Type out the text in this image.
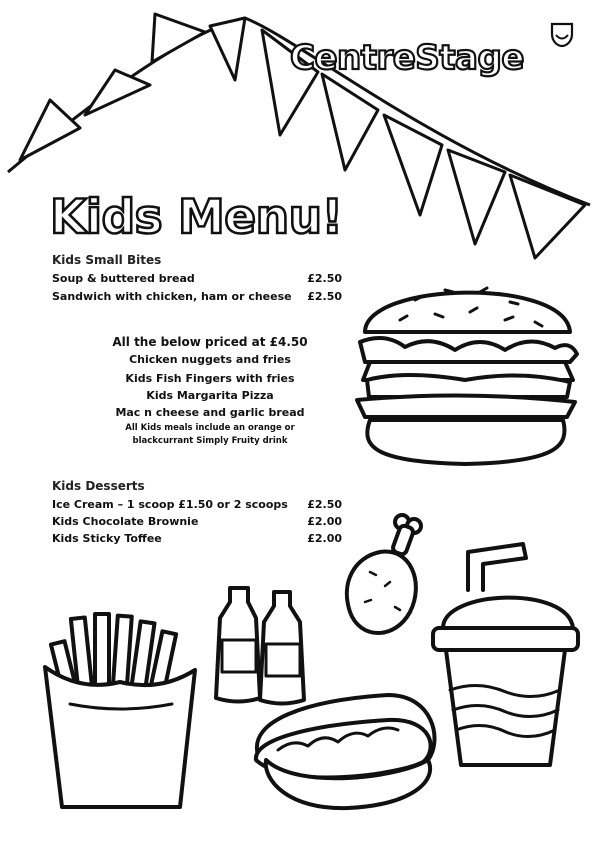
CentreStage
Kids Menu!
Kids Small Bites
Soup & buttered bread	£2.50
Sandwich with chicken, ham or cheese £2.50
All the below priced at £4.50
Chicken nuggets and fries
Kids Fish Fingers with fries
Kids Margarita Pizza
Mac n cheese and garlic bread
All Kids meals include an orange or
blackcurrant Simply Fruity drink
Kids Desserts
Ice Cream – 1 scoop £1.50 or 2 scoops £2.50
Kids Chocolate Brownie	£2.00
Kids Sticky Toffee	£2.00
